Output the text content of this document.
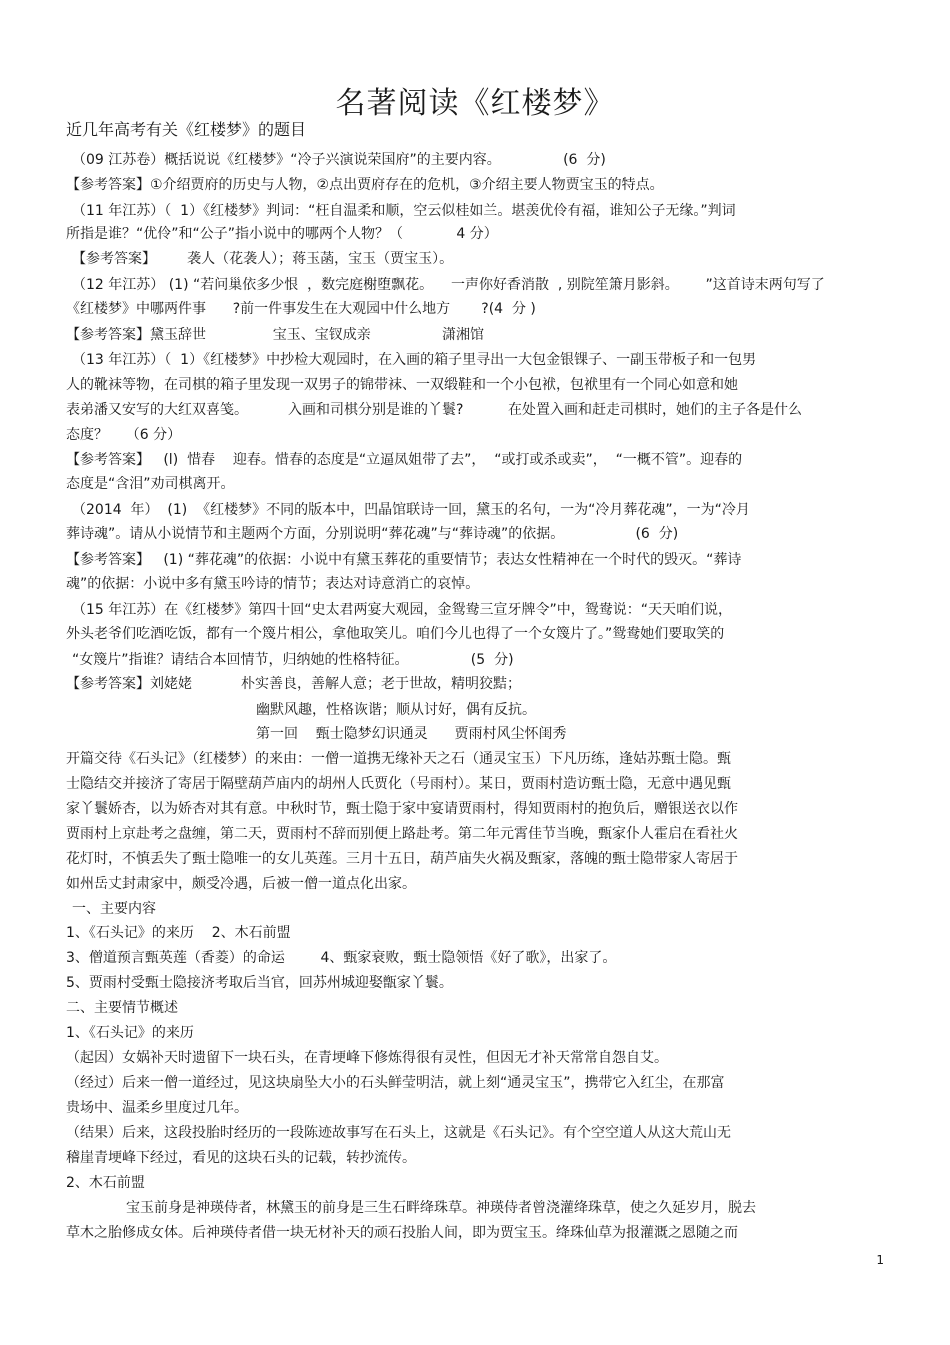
名著阅读《红楼梦》
近几年高考有关《红楼梦》的题目
（09 江苏卷）概括说说《红楼梦》“冷子兴演说荣国府”的主要内容。              (6  分)
【参考答案】①介绍贾府的历史与人物，②点出贾府存在的危机，③介绍主要人物贾宝玉的特点。
（11 年江苏）（  1）《红楼梦》判词：“枉自温柔和顺，空云似桂如兰。堪羡优伶有福，谁知公子无缘。”判词
所指是谁？“优伶”和“公子”指小说中的哪两个人物？（            4 分）
【参考答案】       袭人（花袭人）；蒋玉菡，宝玉（贾宝玉）。
（12 年江苏） (1) “若问巢依多少恨  ，数完庭榭堕飘花。    一声你好香消散  , 别院笙箫月影斜。      ”这首诗末两句写了
《红楼梦》中哪两件事      ?前一件事发生在大观园中什么地方       ?(4  分 )
【参考答案】黛玉辞世               宝玉、宝钗成亲                潇湘馆
（13 年江苏）（  1）《红楼梦》中抄检大观园时，在入画的箱子里寻出一大包金银锞子、一副玉带板子和一包男
人的靴袜等物，在司棋的箱子里发现一双男子的锦带袜、一双缎鞋和一个小包袱，包袱里有一个同心如意和她
表弟潘又安写的大红双喜笺。         入画和司棋分别是谁的丫鬟?          在处置入画和赶走司棋时，她们的主子各是什么
态度？    （6 分）
【参考答案】   (l)  惜春    迎春。惜春的态度是“立逼凤姐带了去”，  “或打或杀或卖”，  “一概不管”。迎春的
态度是“含泪”劝司棋离开。
（2014  年）  (1)  《红楼梦》不同的版本中，凹晶馆联诗一回，黛玉的名句，一为“冷月葬花魂”，一为“冷月
葬诗魂”。请从小说情节和主题两个方面，分别说明“葬花魂”与“葬诗魂”的依据。                (6  分)
【参考答案】   (1) “葬花魂”的依据：小说中有黛玉葬花的重要情节；表达女性精神在一个时代的毁灭。“葬诗
魂”的依据：小说中多有黛玉吟诗的情节；表达对诗意消亡的哀悼。
（15 年江苏）在《红楼梦》第四十回“史太君两宴大观园，金鸳鸯三宣牙牌令”中，鸳鸯说：“天天咱们说，
外头老爷们吃酒吃饭，都有一个篾片相公，拿他取笑儿。咱们今儿也得了一个女篾片了。”鸳鸯她们要取笑的
“女篾片”指谁？请结合本回情节，归纳她的性格特征。              (5  分)
【参考答案】刘姥姥           朴实善良，善解人意；老于世故，精明狡黠；
幽默风趣，性格诙谐；顺从讨好，偶有反抗。
第一回    甄士隐梦幻识通灵      贾雨村风尘怀闺秀
开篇交待《石头记》（红楼梦）的来由：一僧一道携无缘补天之石（通灵宝玉）下凡历练，逢姑苏甄士隐。甄
士隐结交并接济了寄居于隔壁葫芦庙内的胡州人氏贾化（号雨村）。某日，贾雨村造访甄士隐，无意中遇见甄
家丫鬟娇杏，以为娇杏对其有意。中秋时节，甄士隐于家中宴请贾雨村，得知贾雨村的抱负后，赠银送衣以作
贾雨村上京赴考之盘缠，第二天，贾雨村不辞而别便上路赴考。第二年元霄佳节当晚，甄家仆人霍启在看社火
花灯时，不慎丢失了甄士隐唯一的女儿英莲。三月十五日，葫芦庙失火祸及甄家，落魄的甄士隐带家人寄居于
如州岳丈封肃家中，颇受冷遇，后被一僧一道点化出家。
一、主要内容
1、《石头记》的来历    2、木石前盟
3、僧道预言甄英莲（香菱）的命运        4、甄家衰败，甄士隐领悟《好了歌》，出家了。
5、贾雨村受甄士隐接济考取后当官，回苏州城迎娶甑家丫鬟。
二、主要情节概述
1、《石头记》的来历
（起因）女娲补天时遗留下一块石头，在青埂峰下修炼得很有灵性，但因无才补天常常自怨自艾。
（经过）后来一僧一道经过，见这块扇坠大小的石头鲜莹明洁，就上刻“通灵宝玉”，携带它入红尘，在那富
贵场中、温柔乡里度过几年。
（结果）后来，这段投胎时经历的一段陈迹故事写在石头上，这就是《石头记》。有个空空道人从这大荒山无
稽崖青埂峰下经过，看见的这块石头的记载，转抄流传。
2、木石前盟
宝玉前身是神瑛侍者，林黛玉的前身是三生石畔绛珠草。神瑛侍者曾浇灌绛珠草，使之久延岁月，脱去
草木之胎修成女体。后神瑛侍者借一块无材补天的顽石投胎人间，即为贾宝玉。绛珠仙草为报灌溉之恩随之而
1
